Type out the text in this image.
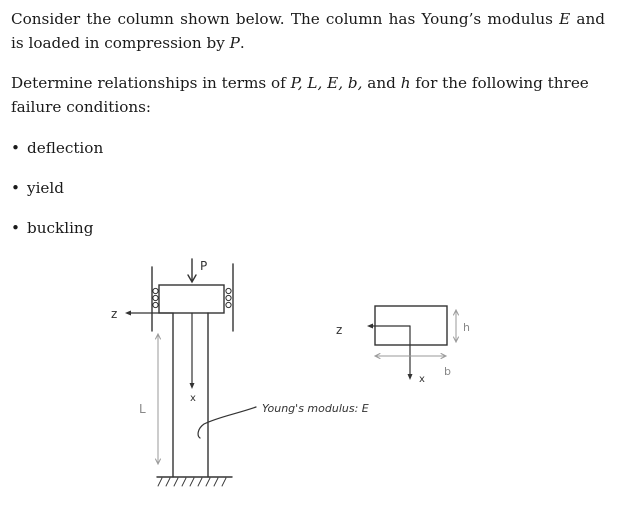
Consider the column shown below. The column has Young’s modulus E and is loaded in compression by P.

Determine relationships in terms of P, L, E, b, and h for the following three failure conditions:

• deflection
• yield
• buckling
P
L
x
z
z
x
h
b
Young's modulus: E
